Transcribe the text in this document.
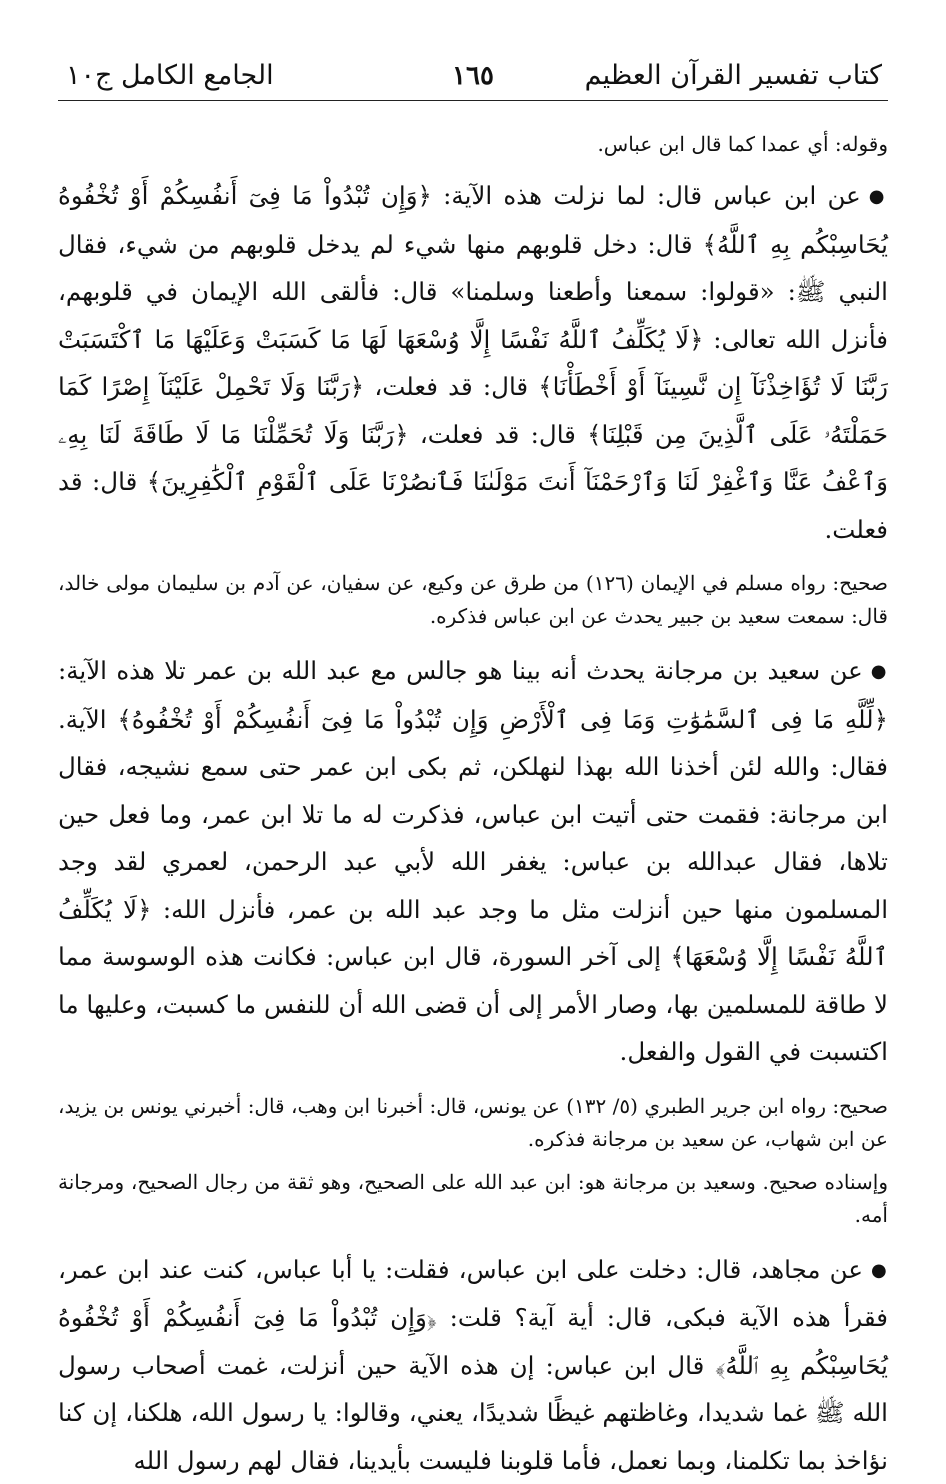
كتاب تفسير القرآن العظيم
١٦٥
الجامع الكامل ج١٠

وقوله: أي عمدا كما قال ابن عباس.

●عن ابن عباس قال: لما نزلت هذه الآية: ﴿وَإِن تُبْدُواْ مَا فِىٓ أَنفُسِكُمْ أَوْ تُخْفُوهُ يُحَاسِبْكُم بِهِ ٱللَّهُ﴾ قال: دخل قلوبهم منها شيء لم يدخل قلوبهم من شيء، فقال النبي ﷺ: «قولوا: سمعنا وأطعنا وسلمنا» قال: فألقى الله الإيمان في قلوبهم، فأنزل الله تعالى: ﴿لَا يُكَلِّفُ ٱللَّهُ نَفْسًا إِلَّا وُسْعَهَا لَهَا مَا كَسَبَتْ وَعَلَيْهَا مَا ٱكْتَسَبَتْ رَبَّنَا لَا تُؤَاخِذْنَآ إِن نَّسِينَآ أَوْ أَخْطَأْنَا﴾ قال: قد فعلت، ﴿رَبَّنَا وَلَا تَحْمِلْ عَلَيْنَآ إِصْرًا كَمَا حَمَلْتَهُۥ عَلَى ٱلَّذِينَ مِن قَبْلِنَا﴾ قال: قد فعلت، ﴿رَبَّنَا وَلَا تُحَمِّلْنَا مَا لَا طَاقَةَ لَنَا بِهِۦ وَٱعْفُ عَنَّا وَٱغْفِرْ لَنَا وَٱرْحَمْنَآ أَنتَ مَوْلَىٰنَا فَٱنصُرْنَا عَلَى ٱلْقَوْمِ ٱلْكَٰفِرِينَ﴾ قال: قد فعلت.

صحيح: رواه مسلم في الإيمان (١٢٦) من طرق عن وكيع، عن سفيان، عن آدم بن سليمان مولى خالد، قال: سمعت سعيد بن جبير يحدث عن ابن عباس فذكره.

●عن سعيد بن مرجانة يحدث أنه بينا هو جالس مع عبد الله بن عمر تلا هذه الآية: ﴿لِّلَّهِ مَا فِى ٱلسَّمَٰوَٰتِ وَمَا فِى ٱلْأَرْضِ وَإِن تُبْدُواْ مَا فِىٓ أَنفُسِكُمْ أَوْ تُخْفُوهُ﴾ الآية. فقال: والله لئن أخذنا الله بهذا لنهلكن، ثم بكى ابن عمر حتى سمع نشيجه، فقال ابن مرجانة: فقمت حتى أتيت ابن عباس، فذكرت له ما تلا ابن عمر، وما فعل حين تلاها، فقال عبدالله بن عباس: يغفر الله لأبي عبد الرحمن، لعمري لقد وجد المسلمون منها حين أنزلت مثل ما وجد عبد الله بن عمر، فأنزل الله: ﴿لَا يُكَلِّفُ ٱللَّهُ نَفْسًا إِلَّا وُسْعَهَا﴾ إلى آخر السورة، قال ابن عباس: فكانت هذه الوسوسة مما لا طاقة للمسلمين بها، وصار الأمر إلى أن قضى الله أن للنفس ما كسبت، وعليها ما اكتسبت في القول والفعل.

صحيح: رواه ابن جرير الطبري (٥/ ١٣٢) عن يونس، قال: أخبرنا ابن وهب، قال: أخبرني يونس بن يزيد، عن ابن شهاب، عن سعيد بن مرجانة فذكره.

وإسناده صحيح. وسعيد بن مرجانة هو: ابن عبد الله على الصحيح، وهو ثقة من رجال الصحيح، ومرجانة أمه.

●عن مجاهد، قال: دخلت على ابن عباس، فقلت: يا أبا عباس، كنت عند ابن عمر، فقرأ هذه الآية فبكى، قال: أية آية؟ قلت: ﴿وَإِن تُبْدُواْ مَا فِىٓ أَنفُسِكُمْ أَوْ تُخْفُوهُ يُحَاسِبْكُم بِهِ ٱللَّهُ﴾ قال ابن عباس: إن هذه الآية حين أنزلت، غمت أصحاب رسول الله ﷺ غما شديدا، وغاظتهم غيظًا شديدًا، يعني، وقالوا: يا رسول الله، هلكنا، إن كنا نؤاخذ بما تكلمنا، وبما نعمل، فأما قلوبنا فليست بأيدينا، فقال لهم رسول الله
